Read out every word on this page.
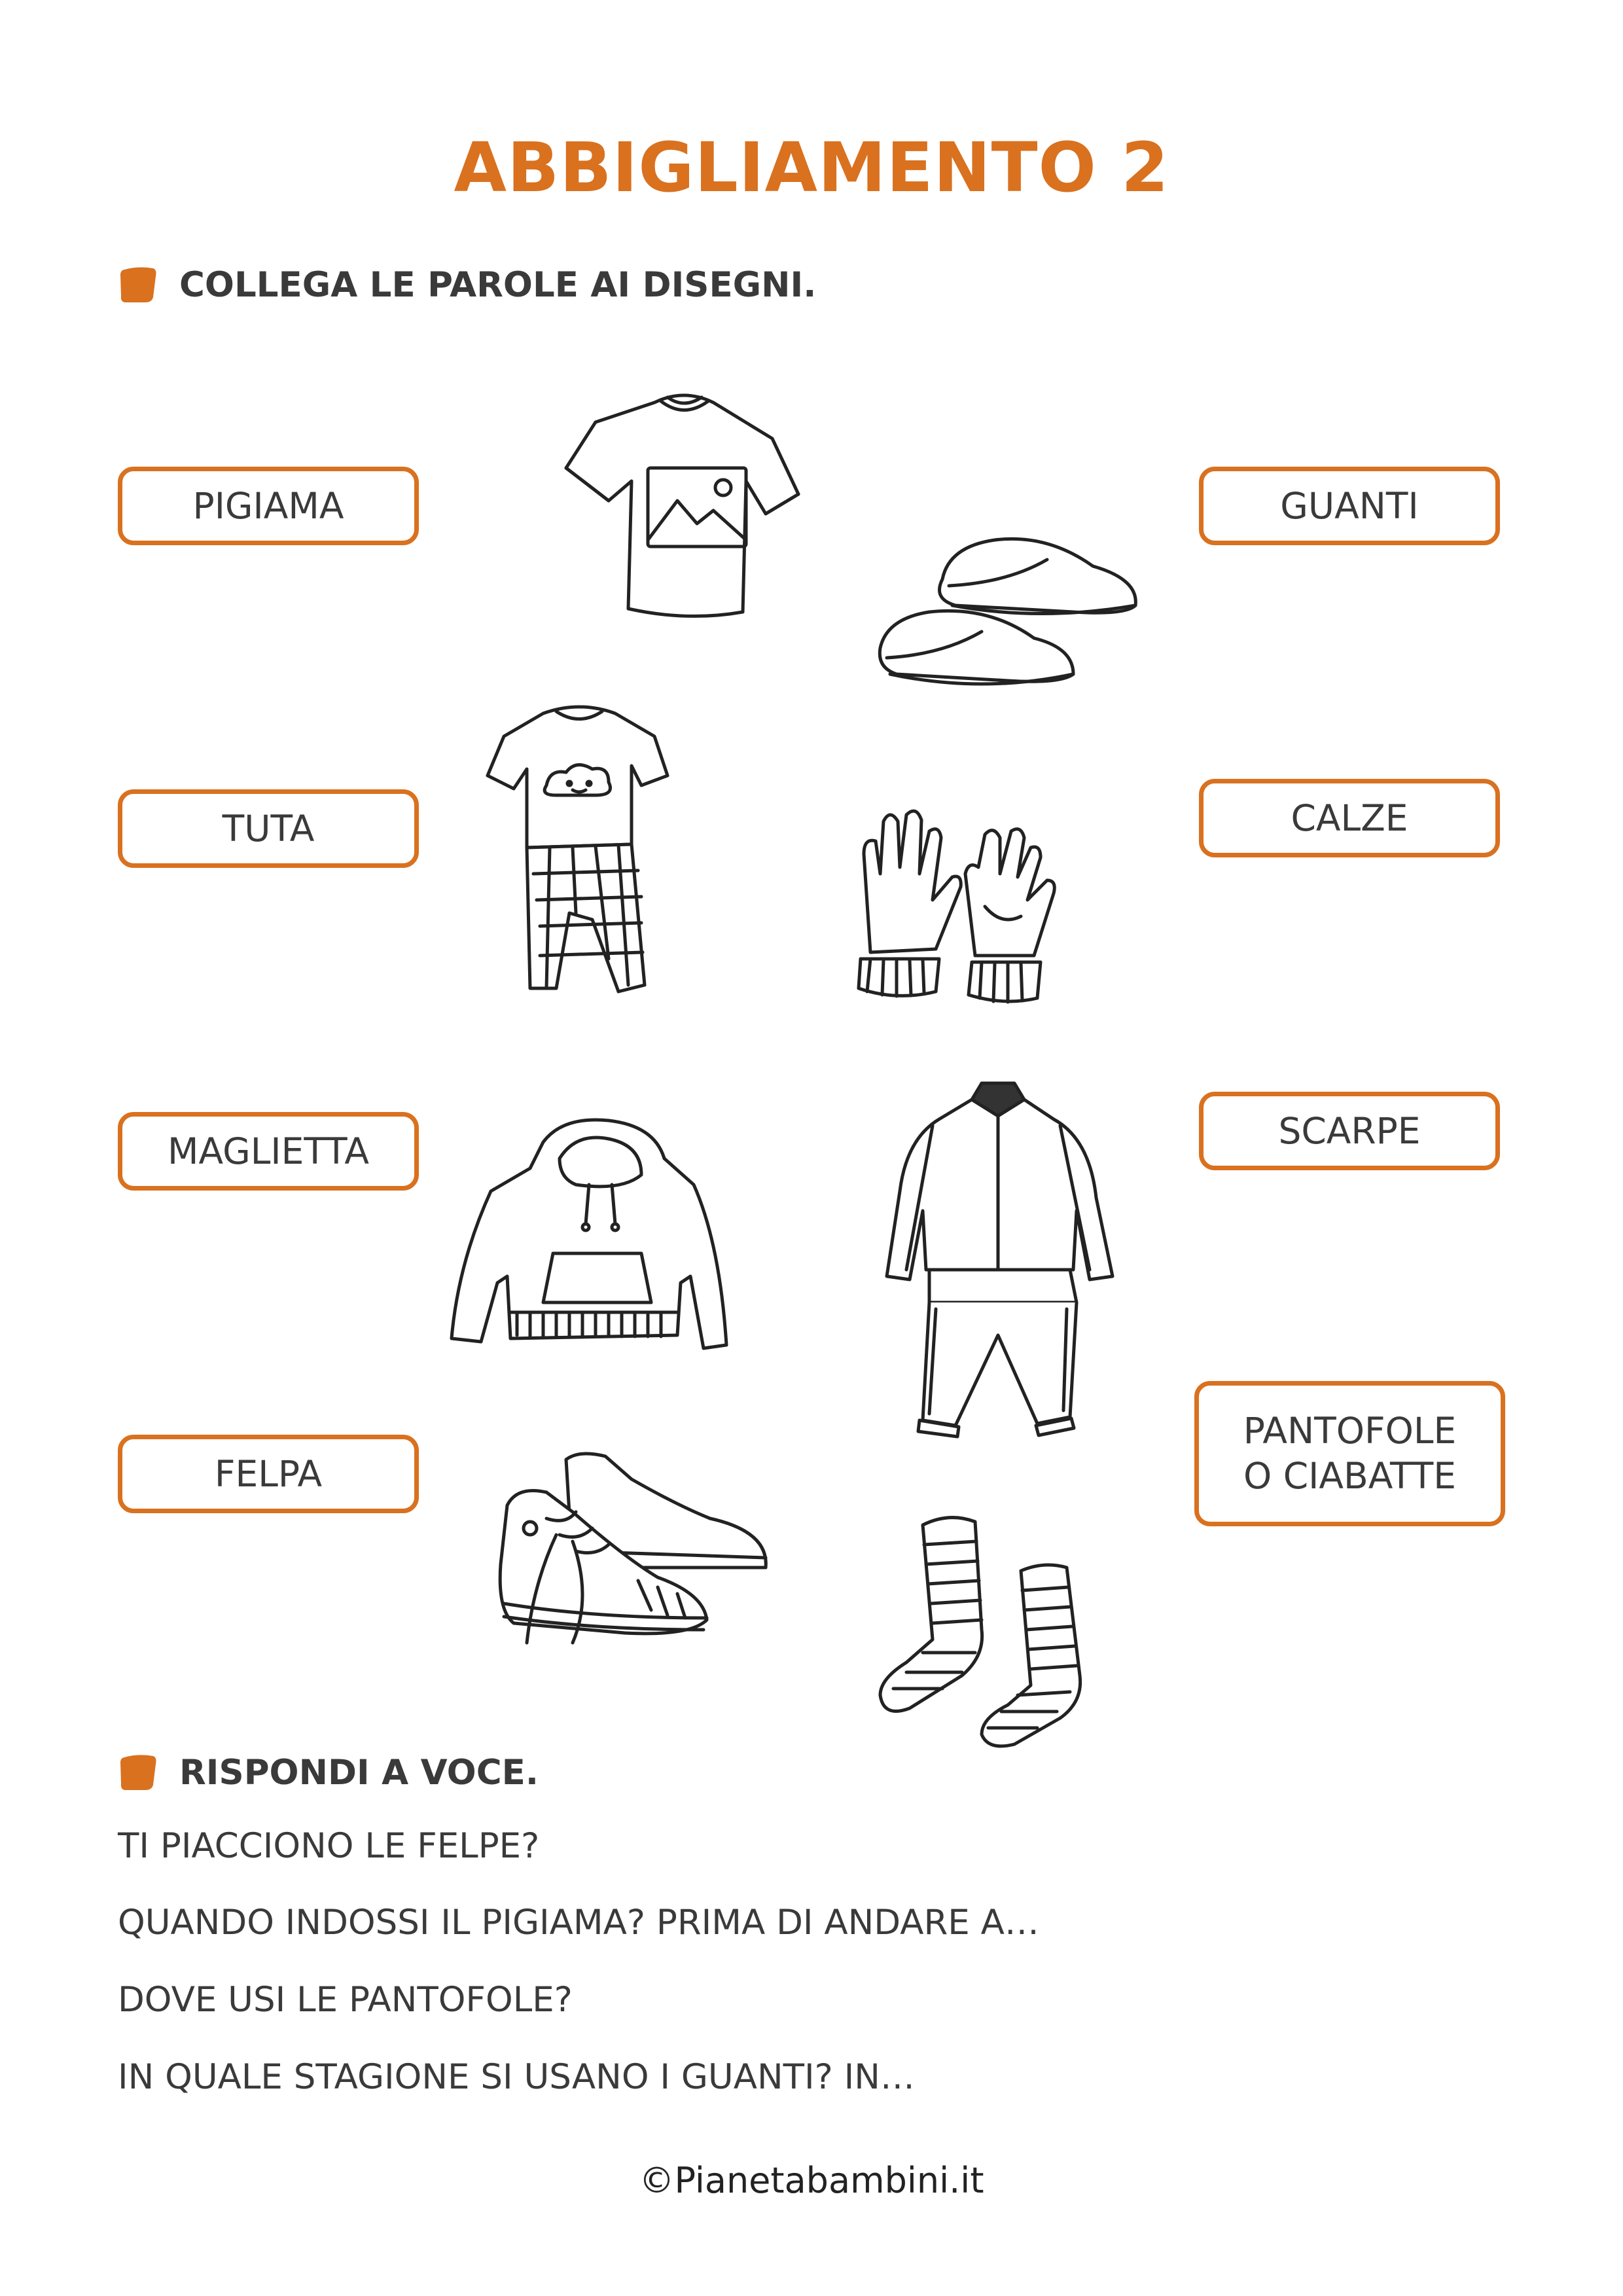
ABBIGLIAMENTO 2
COLLEGA LE PAROLE AI DISEGNI.
PIGIAMA
TUTA
MAGLIETTA
FELPA
GUANTI
CALZE
SCARPE
PANTOFOLE
O CIABATTE
RISPONDI A VOCE.
TI PIACCIONO LE FELPE?
QUANDO INDOSSI IL PIGIAMA? PRIMA DI ANDARE A…
DOVE USI LE PANTOFOLE?
IN QUALE STAGIONE SI USANO I GUANTI? IN…
©Pianetabambini.it
